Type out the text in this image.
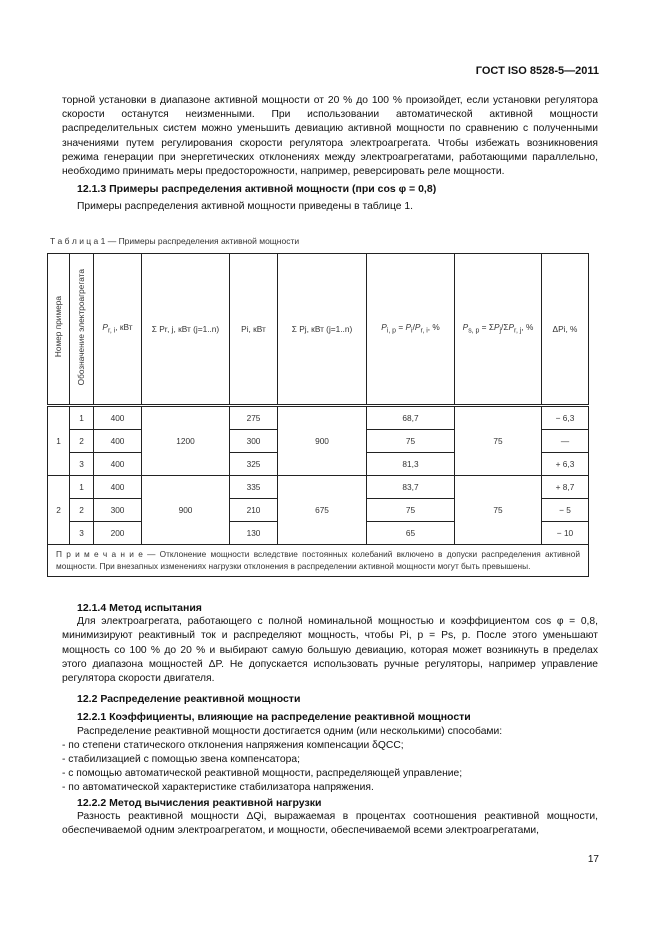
ГОСТ ISO 8528-5—2011

торной установки в диапазоне активной мощности от 20 % до 100 % произойдет, если установки регулятора скорости останутся неизменными. При использовании автоматической активной мощности распределительных систем можно уменьшить девиацию активной мощности по сравнению с полученными значениями путем регулирования скорости регулятора электроагрегата. Чтобы избежать возникновения режима генерации при энергетических отклонениях между электроагрегатами, работающими параллельно, необходимо принимать меры предосторожности, например, реверсировать реле мощности.

12.1.3 Примеры распределения активной мощности (при cos φ = 0,8)

Примеры распределения активной мощности приведены в таблице 1.

Т а б л и ц а 1 — Примеры распределения активной мощности
Номер примера	Обозначение электроагрегата	$P_{r, i}$, кВт	Σ Pr, j, кВт (j=1..n)	Pi, кВт	Σ Pj, кВт (j=1..n)	$P_{i, p} = P_i/P_{r, i}$, %	$P_{s, p} = \Sigma P_j/\Sigma P_{r, j}$, %	ΔPi, %
1	1	400	1200	275	900	68,7	75	− 6,3
	2	400		300		75		—
	3	400		325		81,3		+ 6,3
2	1	400	900	335	675	83,7	75	+ 8,7
	2	300		210		75		− 5
	3	200		130		65		− 10
П р и м е ч а н и е — Отклонение мощности вследствие постоянных колебаний включено в допуски распределения активной мощности. При внезапных изменениях нагрузки отклонения в распределении активной мощности могут быть превышены.								
12.1.4 Метод испытания

Для электроагрегата, работающего с полной номинальной мощностью и коэффициентом cos φ = 0,8, минимизируют реактивный ток и распределяют мощность, чтобы Pi, p = Ps, p. После этого уменьшают мощность со 100 % до 20 % и выбирают самую большую девиацию, которая может возникнуть в пределах этого диапазона мощностей ΔP. Не допускается использовать ручные регуляторы, например управление регулятора скорости двигателя.

12.2 Распределение реактивной мощности
12.2.1 Коэффициенты, влияющие на распределение реактивной мощности

Распределение реактивной мощности достигается одним (или несколькими) способами:

- по степени статического отклонения напряжения компенсации δQCC;

- стабилизацией с помощью звена компенсатора;

- с помощью автоматической реактивной мощности, распределяющей управление;

- по автоматической характеристике стабилизатора напряжения.

12.2.2 Метод вычисления реактивной нагрузки

Разность реактивной мощности ΔQi, выражаемая в процентах соотношения реактивной мощности, обеспечиваемой одним электроагрегатом, и мощности, обеспечиваемой всеми электроагрегатами,

17
